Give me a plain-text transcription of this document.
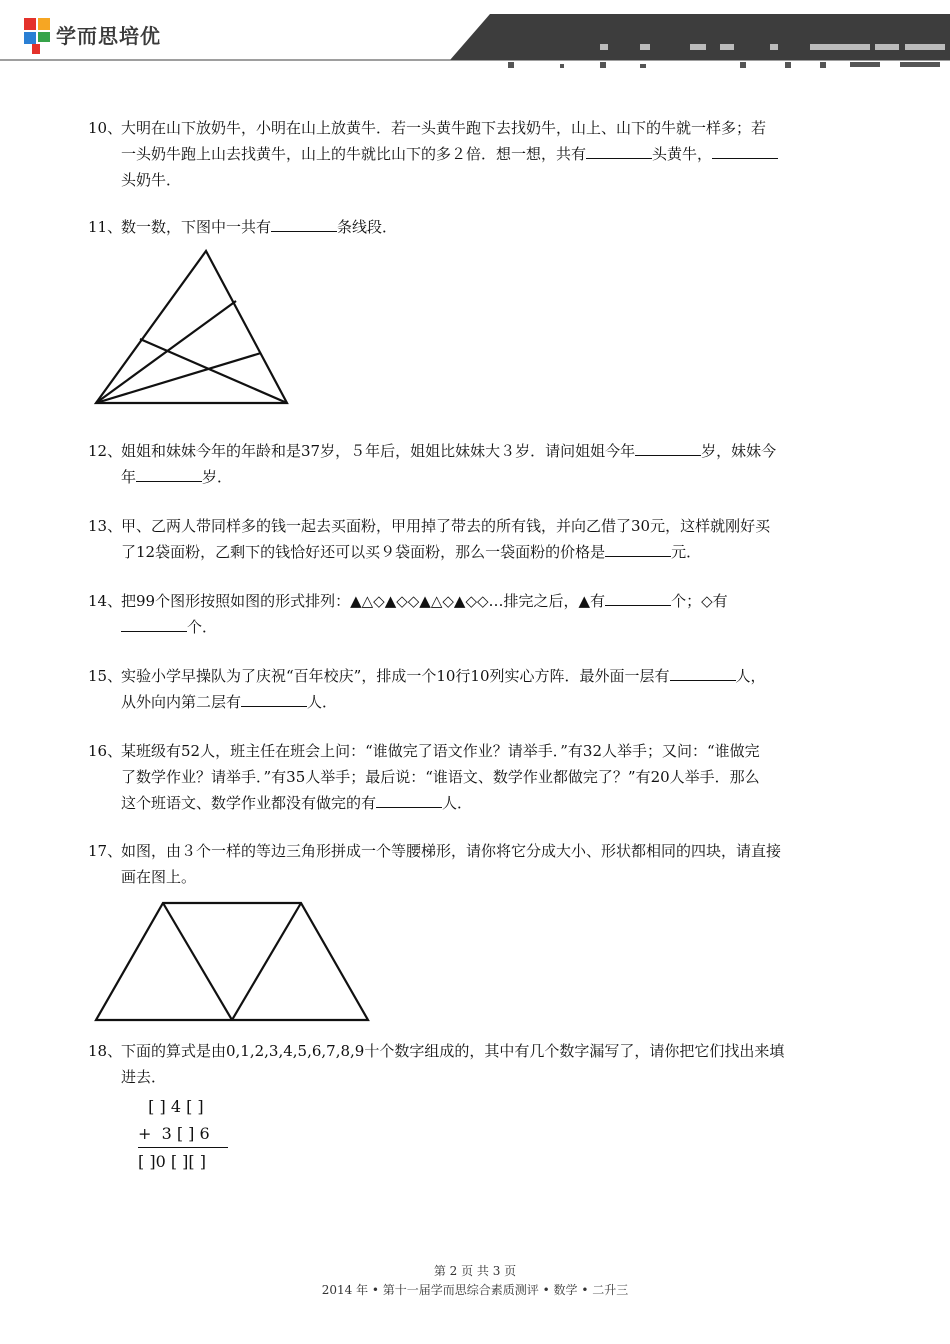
学而思培优
10、大明在山下放奶牛，小明在山上放黄牛．若一头黄牛跑下去找奶牛，山上、山下的牛就一样多；若
一头奶牛跑上山去找黄牛，山上的牛就比山下的多２倍．想一想，共有	头黄牛，
头奶牛．
11、数一数，下图中一共有	条线段．
12、姐姐和妹妹今年的年龄和是37岁，５年后，姐姐比妹妹大３岁．请问姐姐今年	岁，妹妹今
年	岁．
13、甲、乙两人带同样多的钱一起去买面粉，甲用掉了带去的所有钱，并向乙借了30元，这样就刚好买
了12袋面粉，乙剩下的钱恰好还可以买９袋面粉，那么一袋面粉的价格是	元．
14、把99个图形按照如图的形式排列：▲△◇▲◇◇▲△◇▲◇◇…排完之后，▲有	个；◇有
个．
15、实验小学早操队为了庆祝“百年校庆”，排成一个10行10列实心方阵．最外面一层有	人，
从外向内第二层有	人．
16、某班级有52人，班主任在班会上问：“谁做完了语文作业？请举手．”有32人举手；又问：“谁做完
了数学作业？请举手．”有35人举手；最后说：“谁语文、数学作业都做完了？”有20人举手．那么
这个班语文、数学作业都没有做完的有	人．
17、如图，由３个一样的等边三角形拼成一个等腰梯形，请你将它分成大小、形状都相同的四块，请直接
画在图上。
18、下面的算式是由0,1,2,3,4,5,6,7,8,9十个数字组成的，其中有几个数字漏写了，请你把它们找出来填
进去．
[ ] 4 [ ]
+  3 [ ] 6
[ ]0 [ ][ ]
第 2 页 共 3 页
2014 年 • 第十一届学而思综合素质测评 • 数学 • 二升三
